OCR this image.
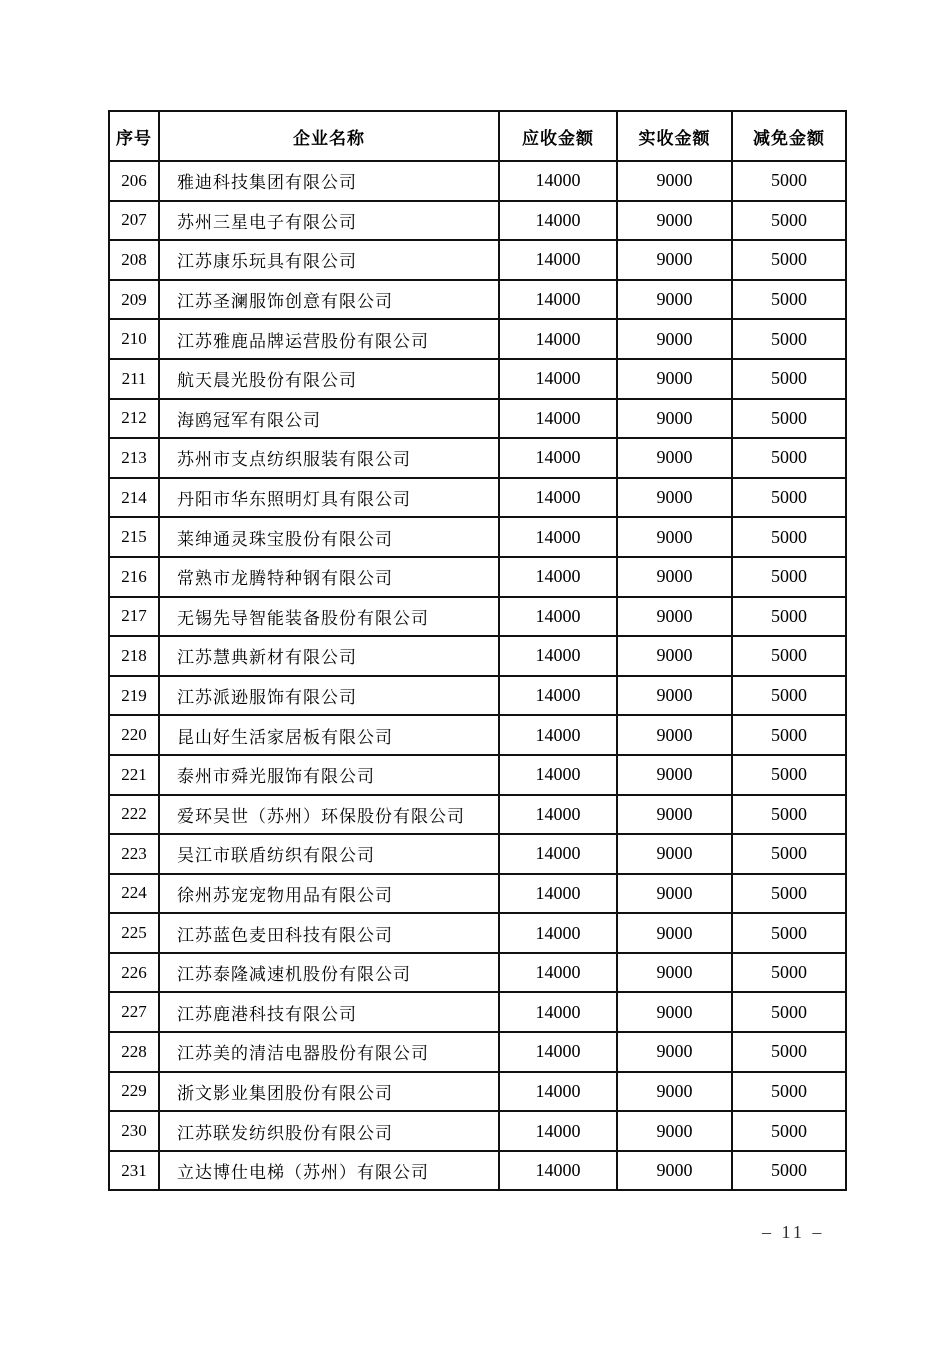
序号	企业名称	应收金额	实收金额	减免金额
206	雅迪科技集团有限公司	14000	9000	5000
207	苏州三星电子有限公司	14000	9000	5000
208	江苏康乐玩具有限公司	14000	9000	5000
209	江苏圣澜服饰创意有限公司	14000	9000	5000
210	江苏雅鹿品牌运营股份有限公司	14000	9000	5000
211	航天晨光股份有限公司	14000	9000	5000
212	海鸥冠军有限公司	14000	9000	5000
213	苏州市支点纺织服装有限公司	14000	9000	5000
214	丹阳市华东照明灯具有限公司	14000	9000	5000
215	莱绅通灵珠宝股份有限公司	14000	9000	5000
216	常熟市龙腾特种钢有限公司	14000	9000	5000
217	无锡先导智能装备股份有限公司	14000	9000	5000
218	江苏慧典新材有限公司	14000	9000	5000
219	江苏派逊服饰有限公司	14000	9000	5000
220	昆山好生活家居板有限公司	14000	9000	5000
221	泰州市舜光服饰有限公司	14000	9000	5000
222	爱环吴世（苏州）环保股份有限公司	14000	9000	5000
223	吴江市联盾纺织有限公司	14000	9000	5000
224	徐州苏宠宠物用品有限公司	14000	9000	5000
225	江苏蓝色麦田科技有限公司	14000	9000	5000
226	江苏泰隆减速机股份有限公司	14000	9000	5000
227	江苏鹿港科技有限公司	14000	9000	5000
228	江苏美的清洁电器股份有限公司	14000	9000	5000
229	浙文影业集团股份有限公司	14000	9000	5000
230	江苏联发纺织股份有限公司	14000	9000	5000
231	立达博仕电梯（苏州）有限公司	14000	9000	5000
– 11 –
